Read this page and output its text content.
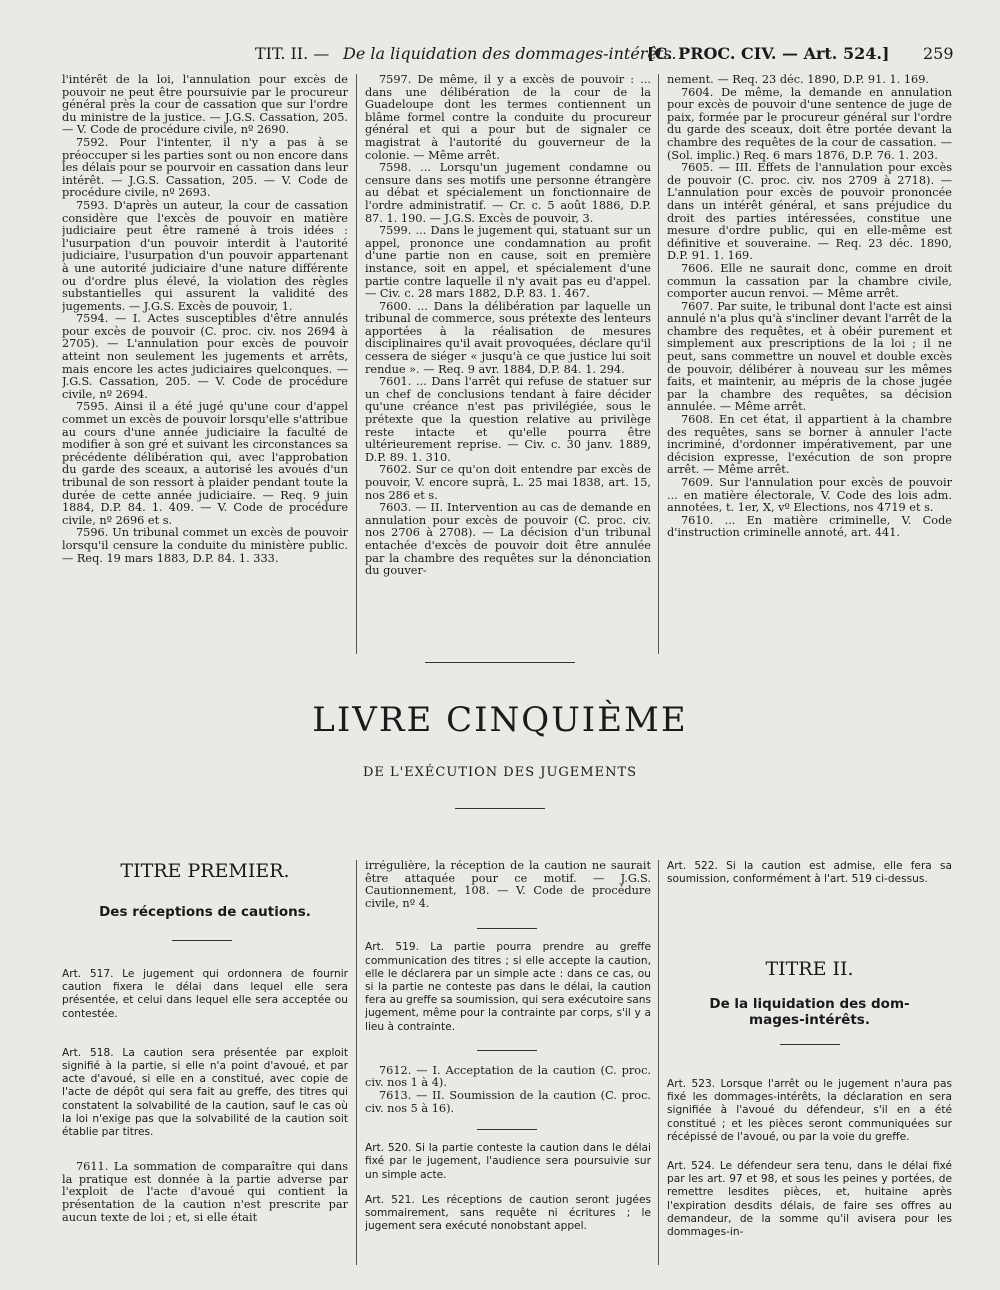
TIT. II. — De la liquidation des dommages-intérêts.
[C. PROC. CIV. — Art. 524.] 259

l'intérêt de la loi, l'annulation pour excès de pouvoir ne peut être poursuivie par le procureur général près la cour de cassation que sur l'ordre du ministre de la justice. — J.G.S. Cassation, 205. — V. Code de procédure civile, nº 2690.

7592. Pour l'intenter, il n'y a pas à se préoccuper si les parties sont ou non encore dans les délais pour se pourvoir en cassation dans leur intérêt. — J.G.S. Cassation, 205. — V. Code de procédure civile, nº 2693.

7593. D'après un auteur, la cour de cassation considère que l'excès de pouvoir en matière judiciaire peut être ramené à trois idées : l'usurpation d'un pouvoir interdit à l'autorité judiciaire, l'usurpation d'un pouvoir appartenant à une autorité judiciaire d'une nature différente ou d'ordre plus élevé, la violation des règles substantielles qui assurent la validité des jugements. — J.G.S. Excès de pouvoir, 1.

7594. — I. Actes susceptibles d'être annulés pour excès de pouvoir (C. proc. civ. nos 2694 à 2705). — L'annulation pour excès de pouvoir atteint non seulement les jugements et arrêts, mais encore les actes judiciaires quelconques. — J.G.S. Cassation, 205. — V. Code de procédure civile, nº 2694.

7595. Ainsi il a été jugé qu'une cour d'appel commet un excès de pouvoir lorsqu'elle s'attribue au cours d'une année judiciaire la faculté de modifier à son gré et suivant les circonstances sa précédente délibération qui, avec l'approbation du garde des sceaux, a autorisé les avoués d'un tribunal de son ressort à plaider pendant toute la durée de cette année judiciaire. — Req. 9 juin 1884, D.P. 84. 1. 409. — V. Code de procédure civile, nº 2696 et s.

7596. Un tribunal commet un excès de pouvoir lorsqu'il censure la conduite du ministère public. — Req. 19 mars 1883, D.P. 84. 1. 333.

7597. De même, il y a excès de pouvoir : ... dans une délibération de la cour de la Guadeloupe dont les termes contiennent un blâme formel contre la conduite du procureur général et qui a pour but de signaler ce magistrat à l'autorité du gouverneur de la colonie. — Même arrêt.

7598. ... Lorsqu'un jugement condamne ou censure dans ses motifs une personne étrangère au débat et spécialement un fonctionnaire de l'ordre administratif. — Cr. c. 5 août 1886, D.P. 87. 1. 190. — J.G.S. Excès de pouvoir, 3.

7599. ... Dans le jugement qui, statuant sur un appel, prononce une condamnation au profit d'une partie non en cause, soit en première instance, soit en appel, et spécialement d'une partie contre laquelle il n'y avait pas eu d'appel. — Civ. c. 28 mars 1882, D.P. 83. 1. 467.

7600. ... Dans la délibération par laquelle un tribunal de commerce, sous prétexte des lenteurs apportées à la réalisation de mesures disciplinaires qu'il avait provoquées, déclare qu'il cessera de siéger « jusqu'à ce que justice lui soit rendue ». — Req. 9 avr. 1884, D.P. 84. 1. 294.

7601. ... Dans l'arrêt qui refuse de statuer sur un chef de conclusions tendant à faire décider qu'une créance n'est pas privilégiée, sous le prétexte que la question relative au privilège reste intacte et qu'elle pourra être ultérieurement reprise. — Civ. c. 30 janv. 1889, D.P. 89. 1. 310.

7602. Sur ce qu'on doit entendre par excès de pouvoir, V. encore suprà, L. 25 mai 1838, art. 15, nos 286 et s.

7603. — II. Intervention au cas de demande en annulation pour excès de pouvoir (C. proc. civ. nos 2706 à 2708). — La décision d'un tribunal entachée d'excès de pouvoir doit être annulée par la chambre des requêtes sur la dénonciation du gouver-

nement. — Req. 23 déc. 1890, D.P. 91. 1. 169.

7604. De même, la demande en annulation pour excès de pouvoir d'une sentence de juge de paix, formée par le procureur général sur l'ordre du garde des sceaux, doit être portée devant la chambre des requêtes de la cour de cassation. — (Sol. implic.) Req. 6 mars 1876, D.P. 76. 1. 203.

7605. — III. Effets de l'annulation pour excès de pouvoir (C. proc. civ. nos 2709 à 2718). — L'annulation pour excès de pouvoir prononcée dans un intérêt général, et sans préjudice du droit des parties intéressées, constitue une mesure d'ordre public, qui en elle-même est définitive et souveraine. — Req. 23 déc. 1890, D.P. 91. 1. 169.

7606. Elle ne saurait donc, comme en droit commun la cassation par la chambre civile, comporter aucun renvoi. — Même arrêt.

7607. Par suite, le tribunal dont l'acte est ainsi annulé n'a plus qu'à s'incliner devant l'arrêt de la chambre des requêtes, et à obéir purement et simplement aux prescriptions de la loi ; il ne peut, sans commettre un nouvel et double excès de pouvoir, délibérer à nouveau sur les mêmes faits, et maintenir, au mépris de la chose jugée par la chambre des requêtes, sa décision annulée. — Même arrêt.

7608. En cet état, il appartient à la chambre des requêtes, sans se borner à annuler l'acte incriminé, d'ordonner impérativement, par une décision expresse, l'exécution de son propre arrêt. — Même arrêt.

7609. Sur l'annulation pour excès de pouvoir ... en matière électorale, V. Code des lois adm. annotées, t. 1er, X, vº Elections, nos 4719 et s.

7610. ... En matière criminelle, V. Code d'instruction criminelle annoté, art. 441.

LIVRE CINQUIÈME
DE L'EXÉCUTION DES JUGEMENTS
TITRE PREMIER.
Des réceptions de cautions.

Art. 517. Le jugement qui ordonnera de fournir caution fixera le délai dans lequel elle sera présentée, et celui dans lequel elle sera acceptée ou contestée.

Art. 518. La caution sera présentée par exploit signifié à la partie, si elle n'a point d'avoué, et par acte d'avoué, si elle en a constitué, avec copie de l'acte de dépôt qui sera fait au greffe, des titres qui constatent la solvabilité de la caution, sauf le cas où la loi n'exige pas que la solvabilité de la caution soit établie par titres.

7611. La sommation de comparaître qui dans la pratique est donnée à la partie adverse par l'exploit de l'acte d'avoué qui contient la présentation de la caution n'est prescrite par aucun texte de loi ; et, si elle était

irrégulière, la réception de la caution ne saurait être attaquée pour ce motif. — J.G.S. Cautionnement, 108. — V. Code de procédure civile, nº 4.

Art. 519. La partie pourra prendre au greffe communication des titres ; si elle accepte la caution, elle le déclarera par un simple acte : dans ce cas, ou si la partie ne conteste pas dans le délai, la caution fera au greffe sa soumission, qui sera exécutoire sans jugement, même pour la contrainte par corps, s'il y a lieu à contrainte.

7612. — I. Acceptation de la caution (C. proc. civ. nos 1 à 4).

7613. — II. Soumission de la caution (C. proc. civ. nos 5 à 16).

Art. 520. Si la partie conteste la caution dans le délai fixé par le jugement, l'audience sera poursuivie sur un simple acte.

Art. 521. Les réceptions de caution seront jugées sommairement, sans requête ni écritures ; le jugement sera exécuté nonobstant appel.

Art. 522. Si la caution est admise, elle fera sa soumission, conformément à l'art. 519 ci-dessus.

TITRE II.
De la liquidation des dom-
mages-intérêts.

Art. 523. Lorsque l'arrêt ou le jugement n'aura pas fixé les dommages-intérêts, la déclaration en sera signifiée à l'avoué du défendeur, s'il en a été constitué ; et les pièces seront communiquées sur récépissé de l'avoué, ou par la voie du greffe.

Art. 524. Le défendeur sera tenu, dans le délai fixé par les art. 97 et 98, et sous les peines y portées, de remettre lesdites pièces, et, huitaine après l'expiration desdits délais, de faire ses offres au demandeur, de la somme qu'il avisera pour les dommages-in-
